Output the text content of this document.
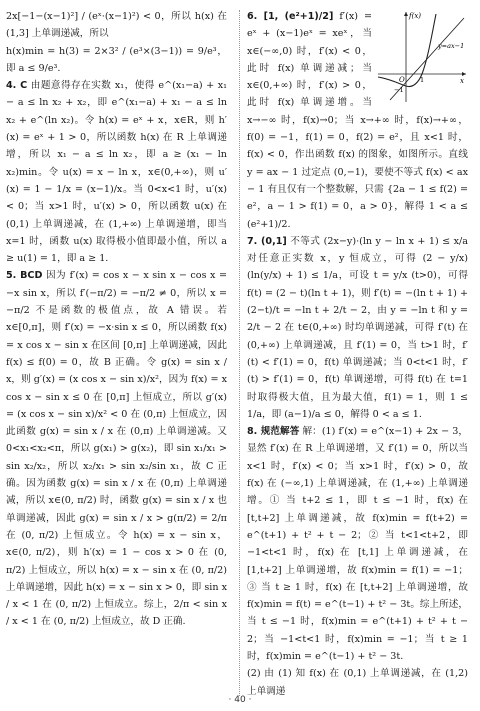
2x[−1−(x−1)²] / (eˣ·(x−1)²) < 0，所以 h(x) 在 (1,3] 上单调递减，所以

h(x)min = h(3) = 2×3² / (e³×(3−1)) = 9/e³，即 a ≤ 9/e³.

4. C 由题意得存在实数 x₁，使得 e^(x₁−a) + x₁ − a ≤ ln x₂ + x₂，即 e^(x₁−a) + x₁ − a ≤ ln x₂ + e^(ln x₂)。令 h(x) = eˣ + x，x∈R，则 h′(x) = eˣ + 1 > 0，所以函数 h(x) 在 R 上单调递增，所以 x₁ − a ≤ ln x₂，即 a ≥ (x₁ − ln x₂)min。令 u(x) = x − ln x，x∈(0,+∞)，则 u′(x) = 1 − 1/x = (x−1)/x。当 0<x<1 时，u′(x) < 0；当 x>1 时，u′(x) > 0，所以函数 u(x) 在 (0,1) 上单调递减，在 (1,+∞) 上单调递增，即当 x=1 时，函数 u(x) 取得极小值即最小值，所以 a ≥ u(1) = 1，即 a ≥ 1.

5. BCD 因为 f′(x) = cos x − x sin x − cos x = −x sin x，所以 f′(−π/2) = −π/2 ≠ 0，所以 x = −π/2 不是函数的极值点，故 A 错误。若 x∈[0,π]，则 f′(x) = −x·sin x ≤ 0，所以函数 f(x) = x cos x − sin x 在区间 [0,π] 上单调递减，因此 f(x) ≤ f(0) = 0，故 B 正确。令 g(x) = sin x / x，则 g′(x) = (x cos x − sin x)/x²，因为 f(x) = x cos x − sin x ≤ 0 在 [0,π] 上恒成立，所以 g′(x) = (x cos x − sin x)/x² < 0 在 (0,π) 上恒成立，因此函数 g(x) = sin x / x 在 (0,π) 上单调递减。又 0<x₁<x₂<π，所以 g(x₁) > g(x₂)，即 sin x₁/x₁ > sin x₂/x₂，所以 x₂/x₁ > sin x₂/sin x₁，故 C 正确。因为函数 g(x) = sin x / x 在 (0,π) 上单调递减，所以 x∈(0, π/2) 时，函数 g(x) = sin x / x 也单调递减，因此 g(x) = sin x / x > g(π/2) = 2/π 在 (0, π/2) 上恒成立。令 h(x) = x − sin x，x∈(0, π/2)，则 h′(x) = 1 − cos x > 0 在 (0, π/2) 上恒成立，所以 h(x) = x − sin x 在 (0, π/2) 上单调递增，因此 h(x) = x − sin x > 0，即 sin x / x < 1 在 (0, π/2) 上恒成立。综上，2/π < sin x / x < 1 在 (0, π/2) 上恒成立，故 D 正确.

f(x)
x
y=ax−1
O 1
−1

6. [1, (e²+1)/2] f′(x) = eˣ + (x−1)eˣ = xeˣ，当 x∈(−∞,0) 时，f′(x) < 0，此时 f(x) 单调递减；当 x∈(0,+∞) 时，f′(x) > 0，此时 f(x) 单调递增。当 x→−∞ 时，f(x)→0；当 x→+∞ 时，f(x)→+∞，f(0) = −1，f(1) = 0，f(2) = e²，且 x<1 时，f(x) < 0，作出函数 f(x) 的图象，如图所示。直线 y = ax − 1 过定点 (0,−1)，要使不等式 f(x) < ax − 1 有且仅有一个整数解，只需 {2a − 1 ≤ f(2) = e²，a − 1 > f(1) = 0，a > 0}，解得 1 < a ≤ (e²+1)/2.

7. (0,1] 不等式 (2x−y)·(ln y − ln x + 1) ≤ x/a 对任意正实数 x，y 恒成立，可得 (2 − y/x)(ln(y/x) + 1) ≤ 1/a，可设 t = y/x (t>0)，可得 f(t) = (2 − t)(ln t + 1)，则 f′(t) = −(ln t + 1) + (2−t)/t = −ln t + 2/t − 2，由 y = −ln t 和 y = 2/t − 2 在 t∈(0,+∞) 时均单调递减，可得 f′(t) 在 (0,+∞) 上单调递减，且 f′(1) = 0，当 t>1 时，f′(t) < f′(1) = 0，f(t) 单调递减；当 0<t<1 时，f′(t) > f′(1) = 0，f(t) 单调递增，可得 f(t) 在 t=1 时取得极大值，且为最大值，f(1) = 1，则 1 ≤ 1/a，即 (a−1)/a ≤ 0，解得 0 < a ≤ 1.

8. 规范解答 解：(1) f′(x) = e^(x−1) + 2x − 3，显然 f′(x) 在 R 上单调递增，又 f′(1) = 0，所以当 x<1 时，f′(x) < 0；当 x>1 时，f′(x) > 0，故 f(x) 在 (−∞,1) 上单调递减，在 (1,+∞) 上单调递增。① 当 t+2 ≤ 1，即 t ≤ −1 时，f(x) 在 [t,t+2] 上单调递减，故 f(x)min = f(t+2) = e^(t+1) + t² + t − 2；② 当 t<1<t+2，即 −1<t<1 时，f(x) 在 [t,1] 上单调递减，在 [1,t+2] 上单调递增，故 f(x)min = f(1) = −1；③ 当 t ≥ 1 时，f(x) 在 [t,t+2] 上单调递增，故 f(x)min = f(t) = e^(t−1) + t² − 3t。综上所述，当 t ≤ −1 时，f(x)min = e^(t+1) + t² + t − 2；当 −1<t<1 时，f(x)min = −1；当 t ≥ 1 时，f(x)min = e^(t−1) + t² − 3t.

(2) 由 (1) 知 f(x) 在 (0,1) 上单调递减，在 (1,2) 上单调递

· 40 ·
